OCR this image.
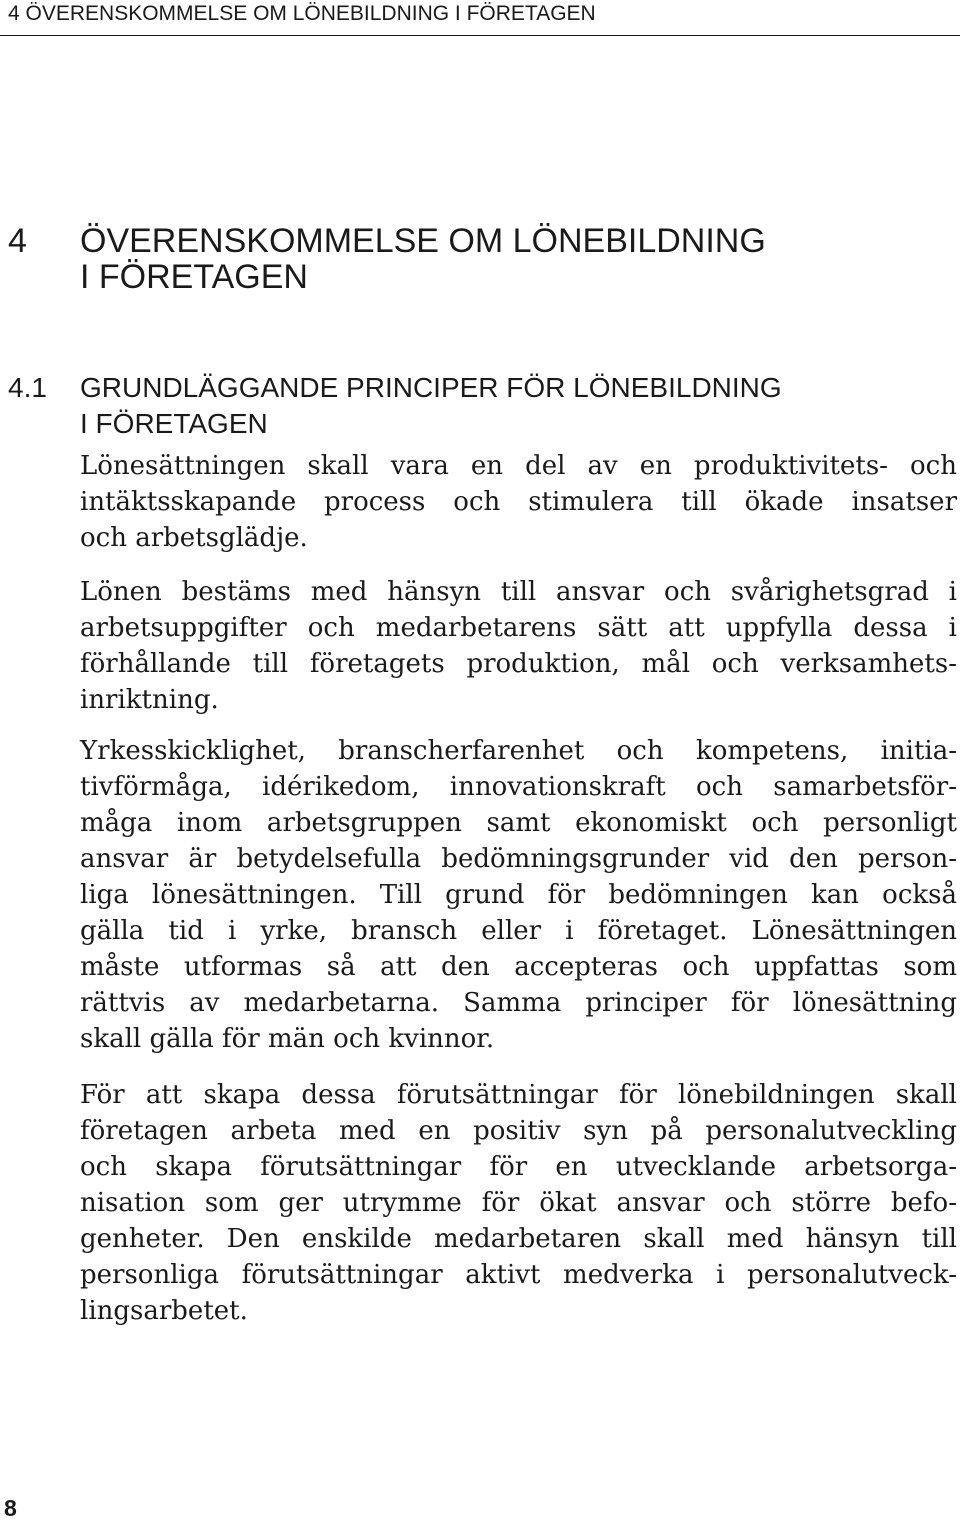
4 ÖVERENSKOMMELSE OM LÖNEBILDNING I FÖRETAGEN
4 ÖVERENSKOMMELSE OM LÖNEBILDNING
I FÖRETAGEN
4.1 GRUNDLÄGGANDE PRINCIPER FÖR LÖNEBILDNING
I FÖRETAGEN
Lönesättningen skall vara en del av en produktivitets- och
intäktsskapande process och stimulera till ökade insatser
och arbetsglädje.
Lönen bestäms med hänsyn till ansvar och svårighetsgrad i
arbetsuppgifter och medarbetarens sätt att uppfylla dessa i
förhållande till företagets produktion, mål och verksamhets-
inriktning.
Yrkesskicklighet, branscherfarenhet och kompetens, initia-
tivförmåga, idérikedom, innovationskraft och samarbetsför-
måga inom arbetsgruppen samt ekonomiskt och personligt
ansvar är betydelsefulla bedömningsgrunder vid den person-
liga lönesättningen. Till grund för bedömningen kan också
gälla tid i yrke, bransch eller i företaget. Lönesättningen
måste utformas så att den accepteras och uppfattas som
rättvis av medarbetarna. Samma principer för lönesättning
skall gälla för män och kvinnor.
För att skapa dessa förutsättningar för lönebildningen skall
företagen arbeta med en positiv syn på personalutveckling
och skapa förutsättningar för en utvecklande arbetsorga-
nisation som ger utrymme för ökat ansvar och större befo-
genheter. Den enskilde medarbetaren skall med hänsyn till
personliga förutsättningar aktivt medverka i personalutveck-
lingsarbetet.
8
